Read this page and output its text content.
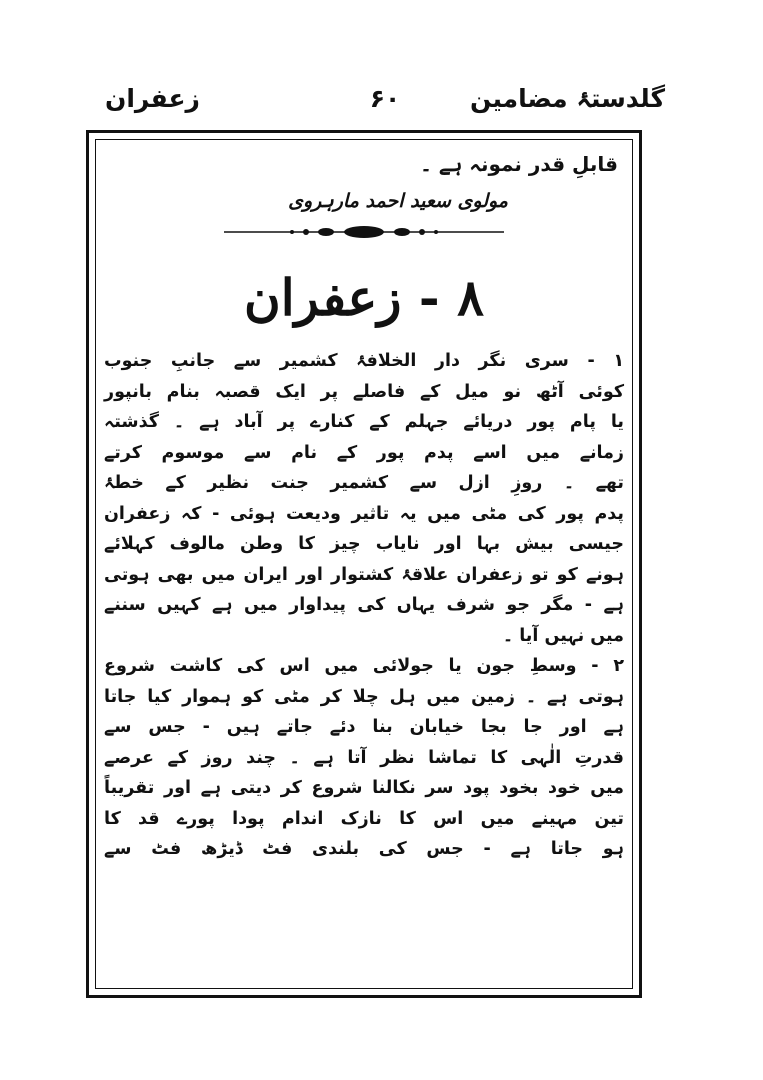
گلدستۂ مضامین
۶۰
زعفران
قابلِ قدر نمونہ ہے ۔
مولوی سعید احمد مارہروی
۸ - زعفران
۱ - سری نگر دار الخلافۂ کشمیر سے جانبِ جنوب
کوئی آٹھ نو میل کے فاصلے پر ایک قصبہ بنام بانپور
یا پام پور دریائے جہلم کے کنارے پر آباد ہے ۔ گذشتہ
زمانے میں اسے پدم پور کے نام سے موسوم کرتے
تھے ۔ روزِ ازل سے کشمیر جنت نظیر کے خطۂ
پدم پور کی مٹی میں یہ تاثیر ودیعت ہوئی - کہ زعفران
جیسی بیش بہا اور نایاب چیز کا وطن مالوف کہلائے
ہونے کو تو زعفران علاقۂ کشتوار اور ایران میں بھی ہوتی
ہے - مگر جو شرف یہاں کی پیداوار میں ہے کہیں سننے
میں نہیں آیا ۔
۲ - وسطِ جون یا جولائی میں اس کی کاشت شروع
ہوتی ہے ۔ زمین میں ہل چلا کر مٹی کو ہموار کیا جاتا
ہے اور جا بجا خیابان بنا دئے جاتے ہیں - جس سے
قدرتِ الٰہی کا تماشا نظر آتا ہے ۔ چند روز کے عرصے
میں خود بخود پود سر نکالنا شروع کر دیتی ہے اور تقریباً
تین مہینے میں اس کا نازک اندام پودا پورے قد کا
ہو جاتا ہے - جس کی بلندی فٹ ڈیڑھ فٹ سے
